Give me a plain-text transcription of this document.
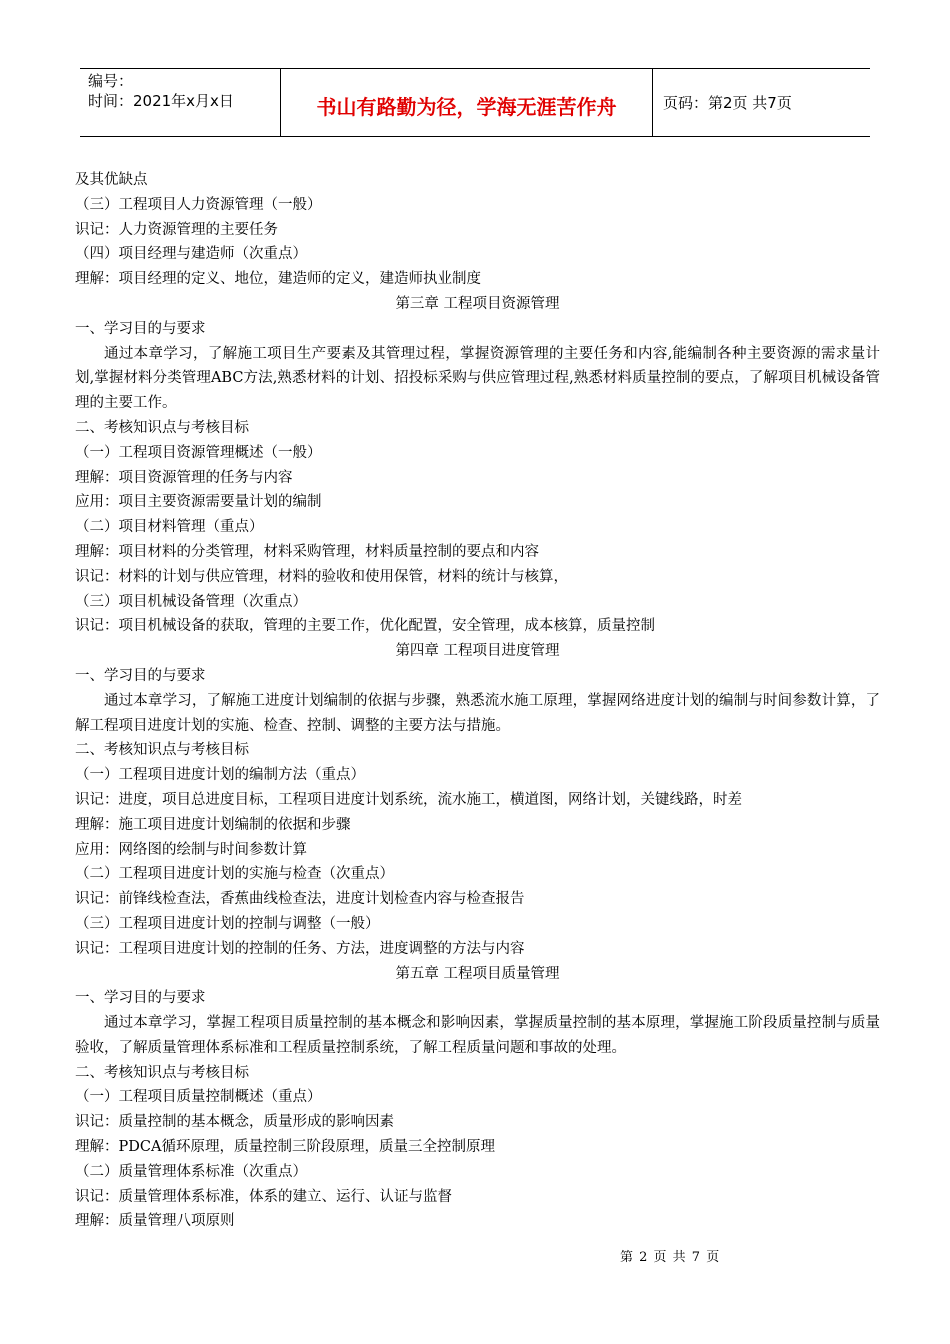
编号：
时间：2021年x月x日	书山有路勤为径，学海无涯苦作舟	页码：第2页 共7页
及其优缺点
（三）工程项目人力资源管理（一般）
识记：人力资源管理的主要任务
（四）项目经理与建造师（次重点）
理解：项目经理的定义、地位，建造师的定义，建造师执业制度
第三章 工程项目资源管理
一、学习目的与要求
通过本章学习，了解施工项目生产要素及其管理过程，掌握资源管理的主要任务和内容,能编制各种主要资源的需求量计划,掌握材料分类管理ABC方法,熟悉材料的计划、招投标采购与供应管理过程,熟悉材料质量控制的要点，了解项目机械设备管理的主要工作。
二、考核知识点与考核目标
（一）工程项目资源管理概述（一般）
理解：项目资源管理的任务与内容
应用：项目主要资源需要量计划的编制
（二）项目材料管理（重点）
理解：项目材料的分类管理，材料采购管理，材料质量控制的要点和内容
识记：材料的计划与供应管理，材料的验收和使用保管，材料的统计与核算，
（三）项目机械设备管理（次重点）
识记：项目机械设备的获取，管理的主要工作，优化配置，安全管理，成本核算，质量控制
第四章 工程项目进度管理
一、学习目的与要求
通过本章学习，了解施工进度计划编制的依据与步骤，熟悉流水施工原理，掌握网络进度计划的编制与时间参数计算，了解工程项目进度计划的实施、检查、控制、调整的主要方法与措施。
二、考核知识点与考核目标
（一）工程项目进度计划的编制方法（重点）
识记：进度，项目总进度目标，工程项目进度计划系统，流水施工，横道图，网络计划，关键线路，时差
理解：施工项目进度计划编制的依据和步骤
应用：网络图的绘制与时间参数计算
（二）工程项目进度计划的实施与检查（次重点）
识记：前锋线检查法，香蕉曲线检查法，进度计划检查内容与检查报告
（三）工程项目进度计划的控制与调整（一般）
识记：工程项目进度计划的控制的任务、方法，进度调整的方法与内容
第五章 工程项目质量管理
一、学习目的与要求
通过本章学习，掌握工程项目质量控制的基本概念和影响因素，掌握质量控制的基本原理，掌握施工阶段质量控制与质量验收，了解质量管理体系标准和工程质量控制系统，了解工程质量问题和事故的处理。
二、考核知识点与考核目标
（一）工程项目质量控制概述（重点）
识记：质量控制的基本概念，质量形成的影响因素
理解：PDCA循环原理，质量控制三阶段原理，质量三全控制原理
（二）质量管理体系标准（次重点）
识记：质量管理体系标准，体系的建立、运行、认证与监督
理解：质量管理八项原则
第 2 页 共 7 页
